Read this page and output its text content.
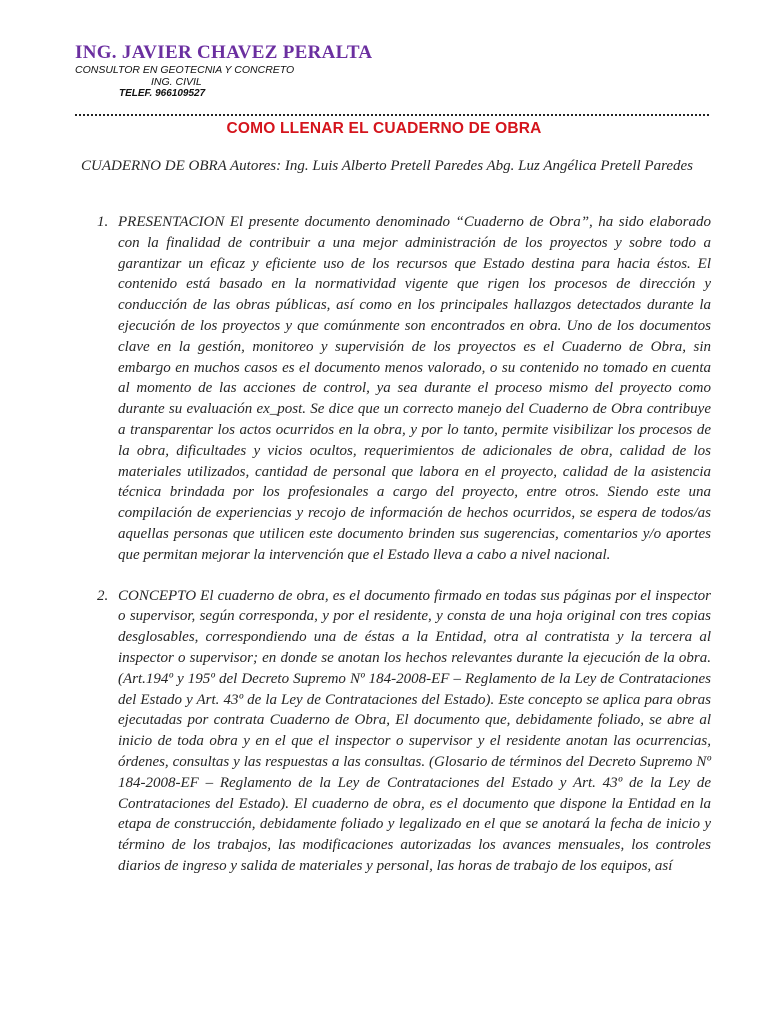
ING. JAVIER CHAVEZ PERALTA

CONSULTOR EN GEOTECNIA Y CONCRETO

ING. CIVIL

TELEF. 966109527

COMO LLENAR EL CUADERNO DE OBRA

CUADERNO DE OBRA Autores: Ing. Luis Alberto Pretell Paredes Abg. Luz Angélica Pretell Paredes

1. PRESENTACION El presente documento denominado “Cuaderno de Obra”, ha sido elaborado con la finalidad de contribuir a una mejor administración de los proyectos y sobre todo a garantizar un eficaz y eficiente uso de los recursos que Estado destina para hacia éstos. El contenido está basado en la normatividad vigente que rigen los procesos de dirección y conducción de las obras públicas, así como en los principales hallazgos detectados durante la ejecución de los proyectos y que comúnmente son encontrados en obra. Uno de los documentos clave en la gestión, monitoreo y supervisión de los proyectos es el Cuaderno de Obra, sin embargo en muchos casos es el documento menos valorado, o su contenido no tomado en cuenta al momento de las acciones de control, ya sea durante el proceso mismo del proyecto como durante su evaluación ex_post. Se dice que un correcto manejo del Cuaderno de Obra contribuye a transparentar los actos ocurridos en la obra, y por lo tanto, permite visibilizar los procesos de la obra, dificultades y vicios ocultos, requerimientos de adicionales de obra, calidad de los materiales utilizados, cantidad de personal que labora en el proyecto, calidad de la asistencia técnica brindada por los profesionales a cargo del proyecto, entre otros. Siendo este una compilación de experiencias y recojo de información de hechos ocurridos, se espera de todos/as aquellas personas que utilicen este documento brinden sus sugerencias, comentarios y/o aportes que permitan mejorar la intervención que el Estado lleva a cabo a nivel nacional.
2. CONCEPTO El cuaderno de obra, es el documento firmado en todas sus páginas por el inspector o supervisor, según corresponda, y por el residente, y consta de una hoja original con tres copias desglosables, correspondiendo una de éstas a la Entidad, otra al contratista y la tercera al inspector o supervisor; en donde se anotan los hechos relevantes durante la ejecución de la obra. (Art.194º y 195º del Decreto Supremo Nº 184-2008-EF – Reglamento de la Ley de Contrataciones del Estado y Art. 43º de la Ley de Contrataciones del Estado). Este concepto se aplica para obras ejecutadas por contrata Cuaderno de Obra, El documento que, debidamente foliado, se abre al inicio de toda obra y en el que el inspector o supervisor y el residente anotan las ocurrencias, órdenes, consultas y las respuestas a las consultas. (Glosario de términos del Decreto Supremo Nº 184-2008-EF – Reglamento de la Ley de Contrataciones del Estado y Art. 43º de la Ley de Contrataciones del Estado). El cuaderno de obra, es el documento que dispone la Entidad en la etapa de construcción, debidamente foliado y legalizado en el que se anotará la fecha de inicio y término de los trabajos, las modificaciones autorizadas los avances mensuales, los controles diarios de ingreso y salida de materiales y personal, las horas de trabajo de los equipos, así
